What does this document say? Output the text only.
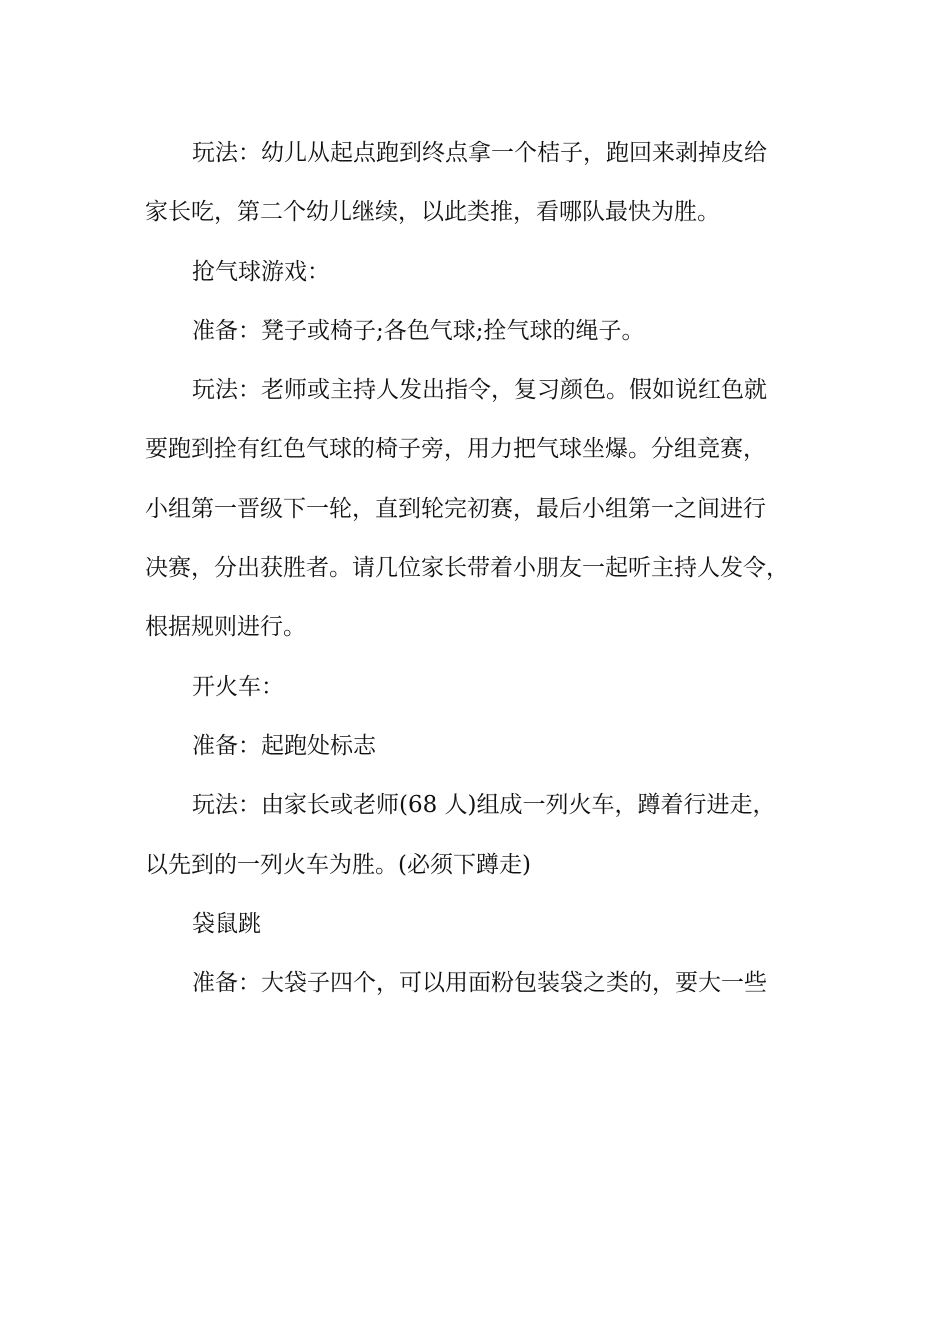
玩法：幼儿从起点跑到终点拿一个桔子，跑回来剥掉皮给
家长吃，第二个幼儿继续，以此类推，看哪队最快为胜。
抢气球游戏：
准备：凳子或椅子;各色气球;拴气球的绳子。
玩法：老师或主持人发出指令，复习颜色。假如说红色就
要跑到拴有红色气球的椅子旁，用力把气球坐爆。分组竞赛，
小组第一晋级下一轮，直到轮完初赛，最后小组第一之间进行
决赛，分出获胜者。请几位家长带着小朋友一起听主持人发令，
根据规则进行。
开火车：
准备：起跑处标志
玩法：由家长或老师(68 人)组成一列火车，蹲着行进走，
以先到的一列火车为胜。(必须下蹲走)
袋鼠跳
准备：大袋子四个，可以用面粉包装袋之类的，要大一些
